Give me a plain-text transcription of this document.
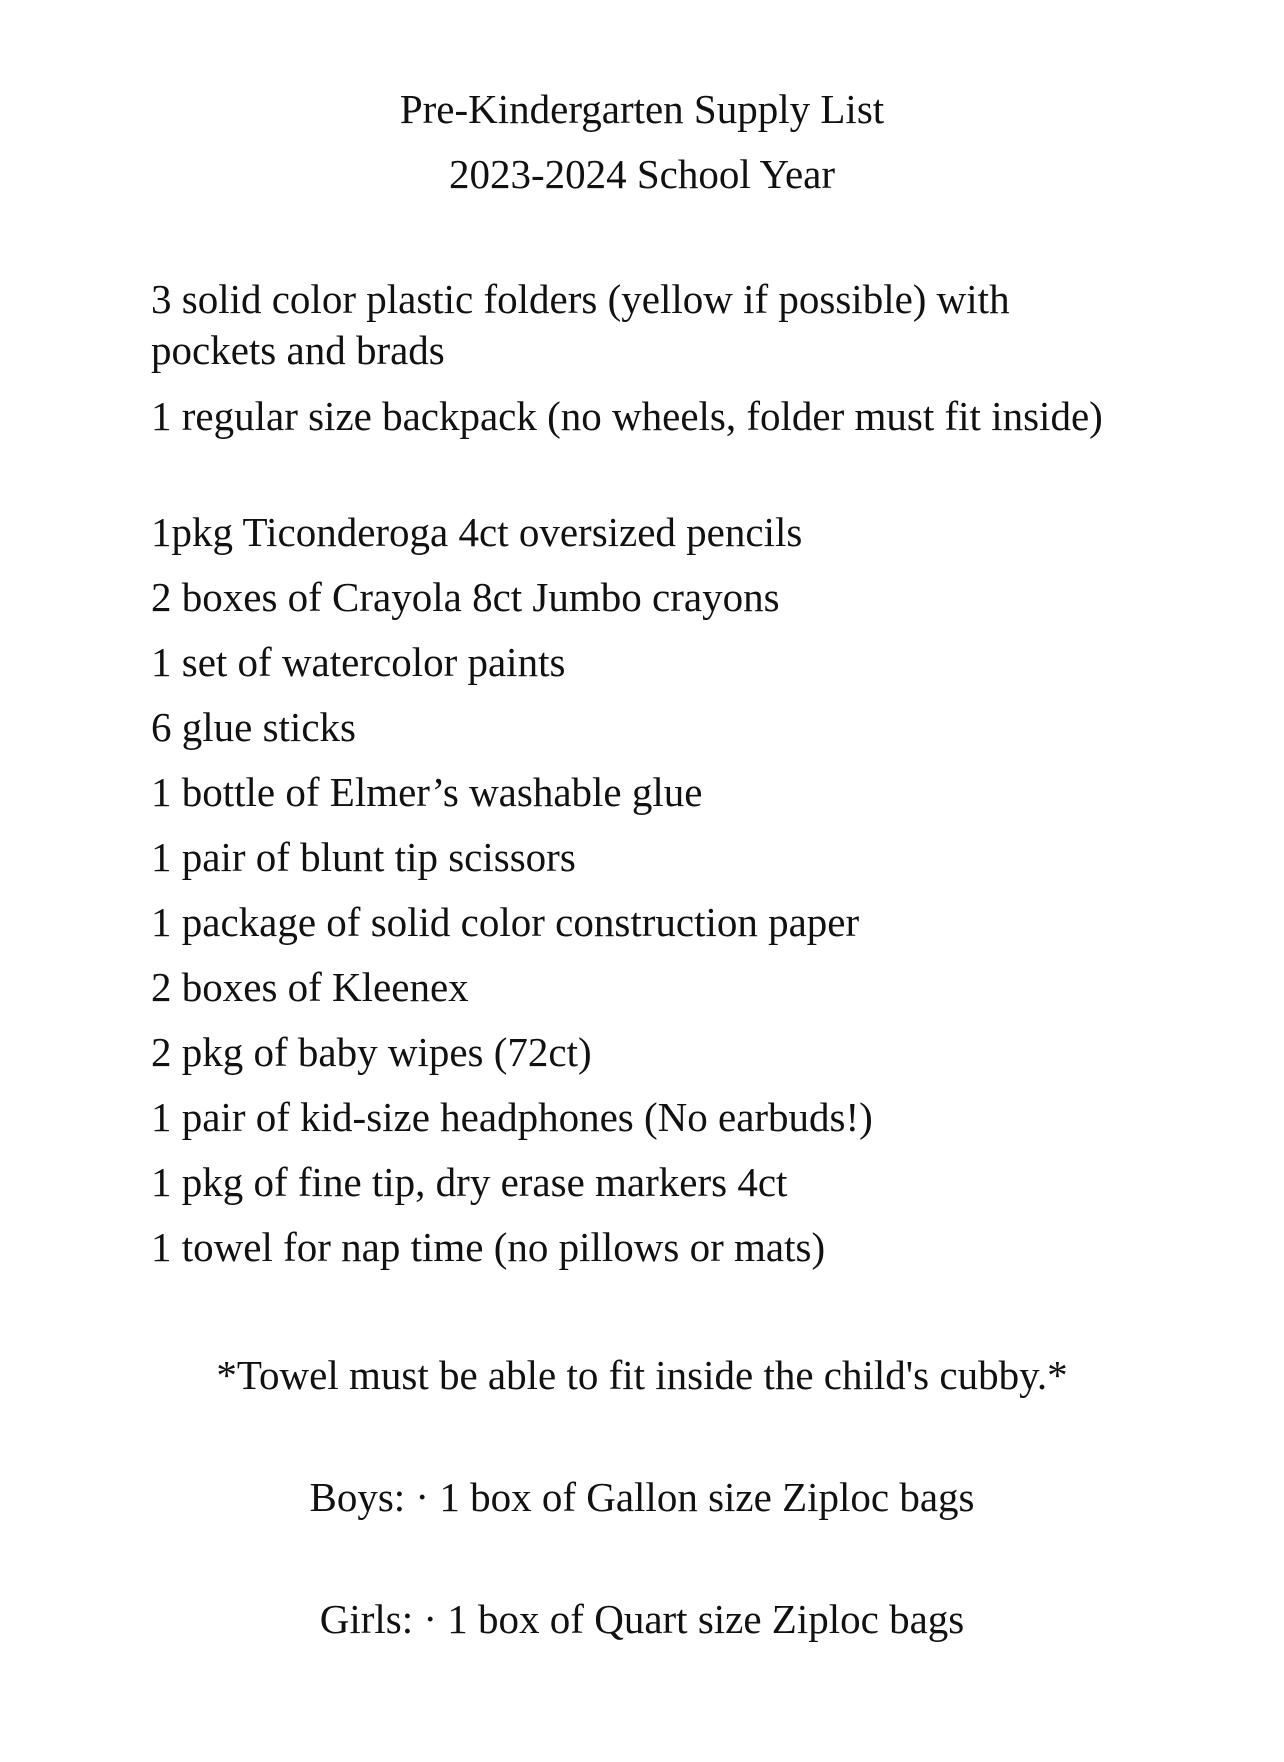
Pre-Kindergarten Supply List
2023-2024 School Year
3 solid color plastic folders (yellow if possible) with pockets and brads
1 regular size backpack (no wheels, folder must fit inside)
1pkg Ticonderoga 4ct oversized pencils
2 boxes of Crayola 8ct Jumbo crayons
1 set of watercolor paints
6 glue sticks
1 bottle of Elmer’s washable glue
1 pair of blunt tip scissors
1 package of solid color construction paper
2 boxes of Kleenex
2 pkg of baby wipes (72ct)
1 pair of kid-size headphones (No earbuds!)
1 pkg of fine tip, dry erase markers 4ct
1 towel for nap time (no pillows or mats)
*Towel must be able to fit inside the child's cubby.*
Boys: · 1 box of Gallon size Ziploc bags
Girls: · 1 box of Quart size Ziploc bags
